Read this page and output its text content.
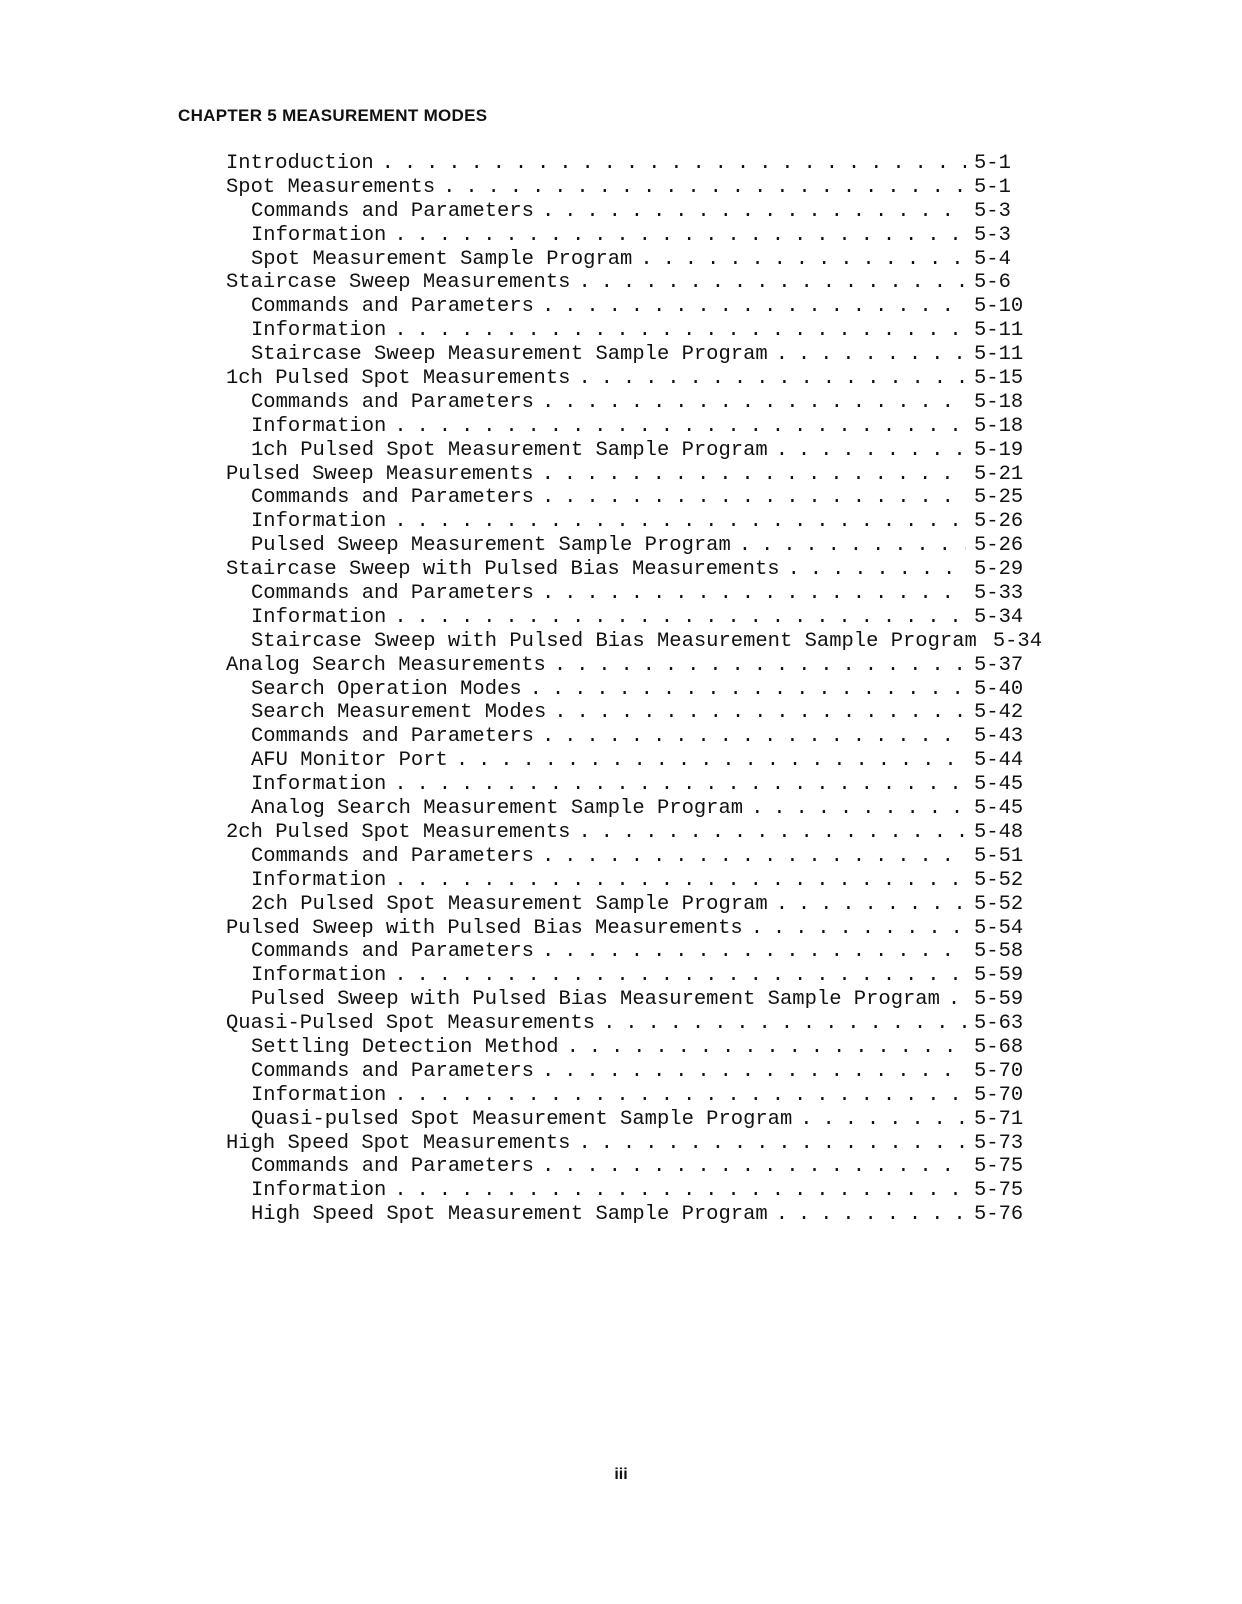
CHAPTER 5 MEASUREMENT MODES
Introduction . . .	5-1
Spot Measurements . . .	5-1
Commands and Parameters . . .	5-3
Information . . .	5-3
Spot Measurement Sample Program . . .	5-4
Staircase Sweep Measurements . . .	5-6
Commands and Parameters . . .	5-10
Information . . .	5-11
Staircase Sweep Measurement Sample Program . . .	5-11
1ch Pulsed Spot Measurements . . .	5-15
Commands and Parameters . . .	5-18
Information . . .	5-18
1ch Pulsed Spot Measurement Sample Program . . .	5-19
Pulsed Sweep Measurements . . .	5-21
Commands and Parameters . . .	5-25
Information . . .	5-26
Pulsed Sweep Measurement Sample Program . . .	5-26
Staircase Sweep with Pulsed Bias Measurements . . .	5-29
Commands and Parameters . . .	5-33
Information . . .	5-34
Staircase Sweep with Pulsed Bias Measurement Sample Program 5-34
Analog Search Measurements . . .	5-37
Search Operation Modes . . .	5-40
Search Measurement Modes . . .	5-42
Commands and Parameters . . .	5-43
AFU Monitor Port . . .	5-44
Information . . .	5-45
Analog Search Measurement Sample Program . . .	5-45
2ch Pulsed Spot Measurements . . .	5-48
Commands and Parameters . . .	5-51
Information . . .	5-52
2ch Pulsed Spot Measurement Sample Program . . .	5-52
Pulsed Sweep with Pulsed Bias Measurements . . .	5-54
Commands and Parameters . . .	5-58
Information . . .	5-59
Pulsed Sweep with Pulsed Bias Measurement Sample Program . . .	5-59
Quasi-Pulsed Spot Measurements . . .	5-63
Settling Detection Method . . .	5-68
Commands and Parameters . . .	5-70
Information . . .	5-70
Quasi-pulsed Spot Measurement Sample Program . . .	5-71
High Speed Spot Measurements . . .	5-73
Commands and Parameters . . .	5-75
Information . . .	5-75
High Speed Spot Measurement Sample Program . . .	5-76
iii
